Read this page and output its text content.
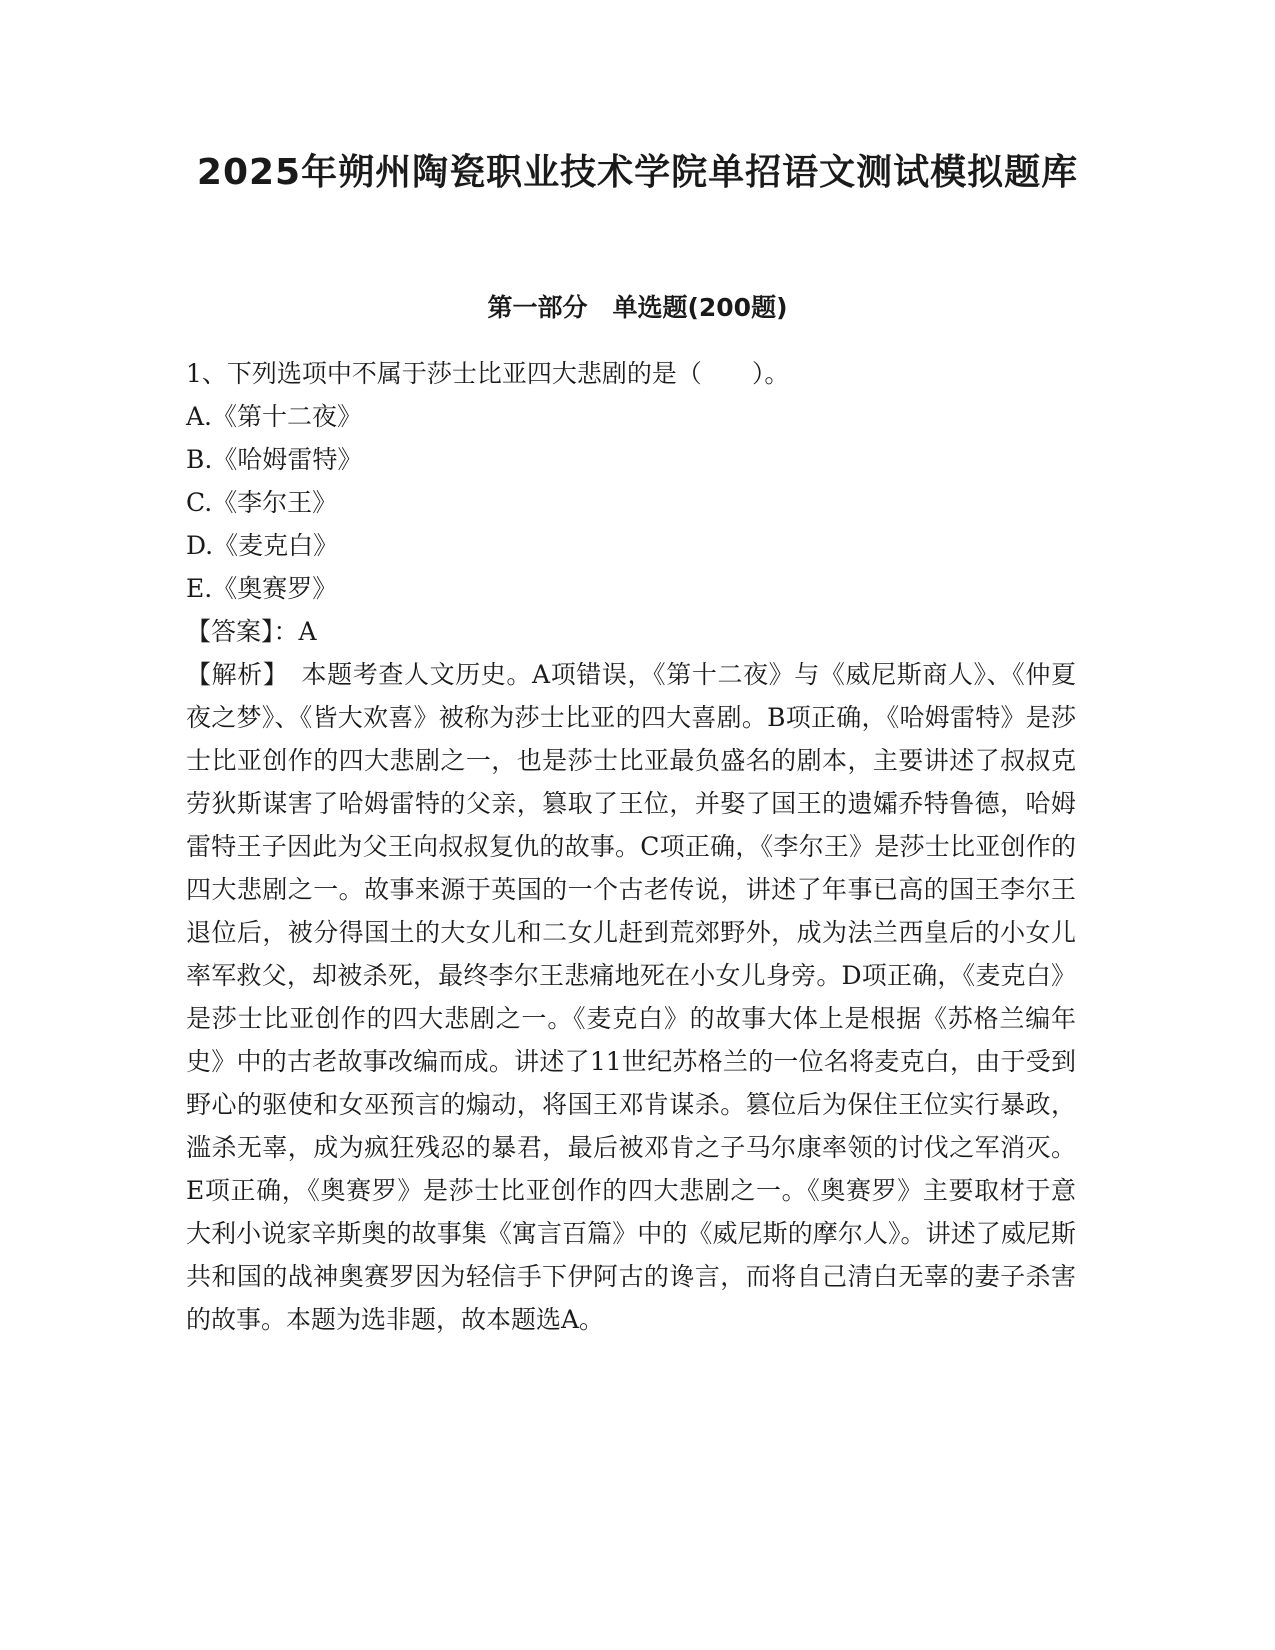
2025年朔州陶瓷职业技术学院单招语文测试模拟题库
第一部分　单选题(200题)
1、下列选项中不属于莎士比亚四大悲剧的是（　　）。
A.《第十二夜》
B.《哈姆雷特》
C.《李尔王》
D.《麦克白》
E.《奥赛罗》
【答案】：A
【解析】　本题考查人文历史。A项错误，《第十二夜》与《威尼斯商人》、《仲夏夜之梦》、《皆大欢喜》被称为莎士比亚的四大喜剧。B项正确，《哈姆雷特》是莎士比亚创作的四大悲剧之一，也是莎士比亚最负盛名的剧本，主要讲述了叔叔克劳狄斯谋害了哈姆雷特的父亲，篡取了王位，并娶了国王的遗孀乔特鲁德，哈姆雷特王子因此为父王向叔叔复仇的故事。C项正确，《李尔王》是莎士比亚创作的四大悲剧之一。故事来源于英国的一个古老传说，讲述了年事已高的国王李尔王退位后，被分得国土的大女儿和二女儿赶到荒郊野外，成为法兰西皇后的小女儿率军救父，却被杀死，最终李尔王悲痛地死在小女儿身旁。D项正确，《麦克白》是莎士比亚创作的四大悲剧之一。《麦克白》的故事大体上是根据《苏格兰编年史》中的古老故事改编而成。讲述了11世纪苏格兰的一位名将麦克白，由于受到野心的驱使和女巫预言的煽动，将国王邓肯谋杀。篡位后为保住王位实行暴政，滥杀无辜，成为疯狂残忍的暴君，最后被邓肯之子马尔康率领的讨伐之军消灭。E项正确，《奥赛罗》是莎士比亚创作的四大悲剧之一。《奥赛罗》主要取材于意大利小说家辛斯奥的故事集《寓言百篇》中的《威尼斯的摩尔人》。讲述了威尼斯共和国的战神奥赛罗因为轻信手下伊阿古的谗言，而将自己清白无辜的妻子杀害的故事。本题为选非题，故本题选A。
